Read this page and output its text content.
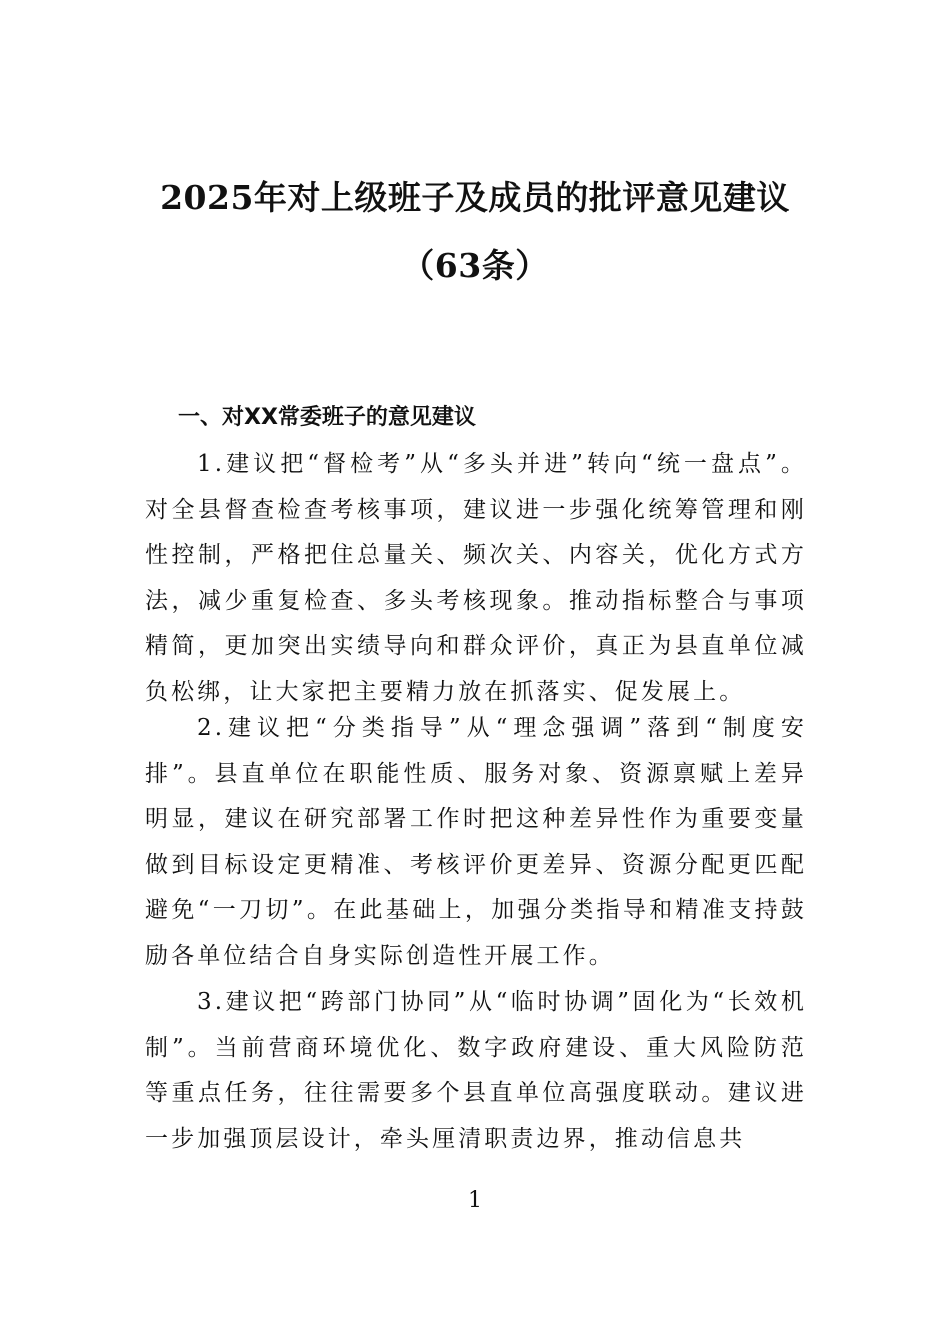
2025年对上级班子及成员的批评意见建议
（63条）
一、对XX常委班子的意见建议
1.建议把“督检考”从“多头并进”转向“统一盘点”。对全县督查检查考核事项，建议进一步强化统筹管理和刚性控制，严格把住总量关、频次关、内容关，优化方式方法，减少重复检查、多头考核现象。推动指标整合与事项精简，更加突出实绩导向和群众评价，真正为县直单位减负松绑，让大家把主要精力放在抓落实、促发展上。
2.建议把“分类指导”从“理念强调”落到“制度安排”。县直单位在职能性质、服务对象、资源禀赋上差异明显，建议在研究部署工作时把这种差异性作为重要变量做到目标设定更精准、考核评价更差异、资源分配更匹配避免“一刀切”。在此基础上，加强分类指导和精准支持鼓励各单位结合自身实际创造性开展工作。
3.建议把“跨部门协同”从“临时协调”固化为“长效机制”。当前营商环境优化、数字政府建设、重大风险防范等重点任务，往往需要多个县直单位高强度联动。建议进一步加强顶层设计，牵头厘清职责边界，推动信息共
1
